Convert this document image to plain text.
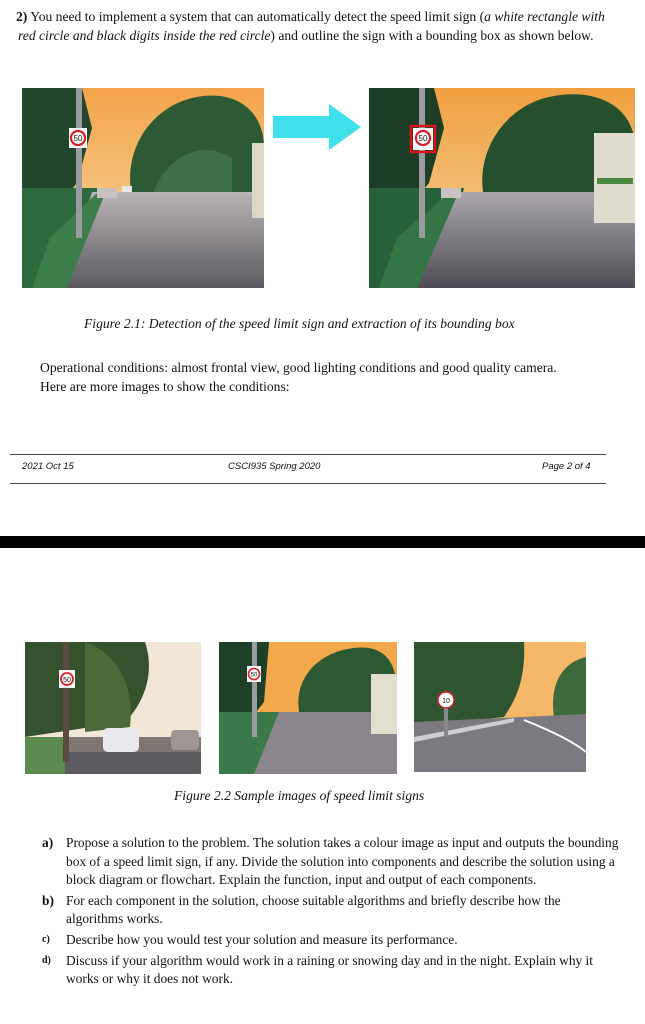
2) You need to implement a system that can automatically detect the speed limit sign (a white rectangle with red circle and black digits inside the red circle) and outline the sign with a bounding box as shown below.
50	50
Figure 2.1: Detection of the speed limit sign and extraction of its bounding box
Operational conditions: almost frontal view, good lighting conditions and good quality camera.
Here are more images to show the conditions:
2021 Oct 15	CSCI935 Spring 2020	Page 2 of 4
50
50
10
Figure 2.2 Sample images of speed limit signs
a) Propose a solution to the problem. The solution takes a colour image as input and outputs the bounding box of a speed limit sign, if any. Divide the solution into components and describe the solution using a block diagram or flowchart. Explain the function, input and output of each components.
b) For each component in the solution, choose suitable algorithms and briefly describe how the algorithms works.
c) Describe how you would test your solution and measure its performance.
d) Discuss if your algorithm would work in a raining or snowing day and in the night. Explain why it works or why it does not work.
